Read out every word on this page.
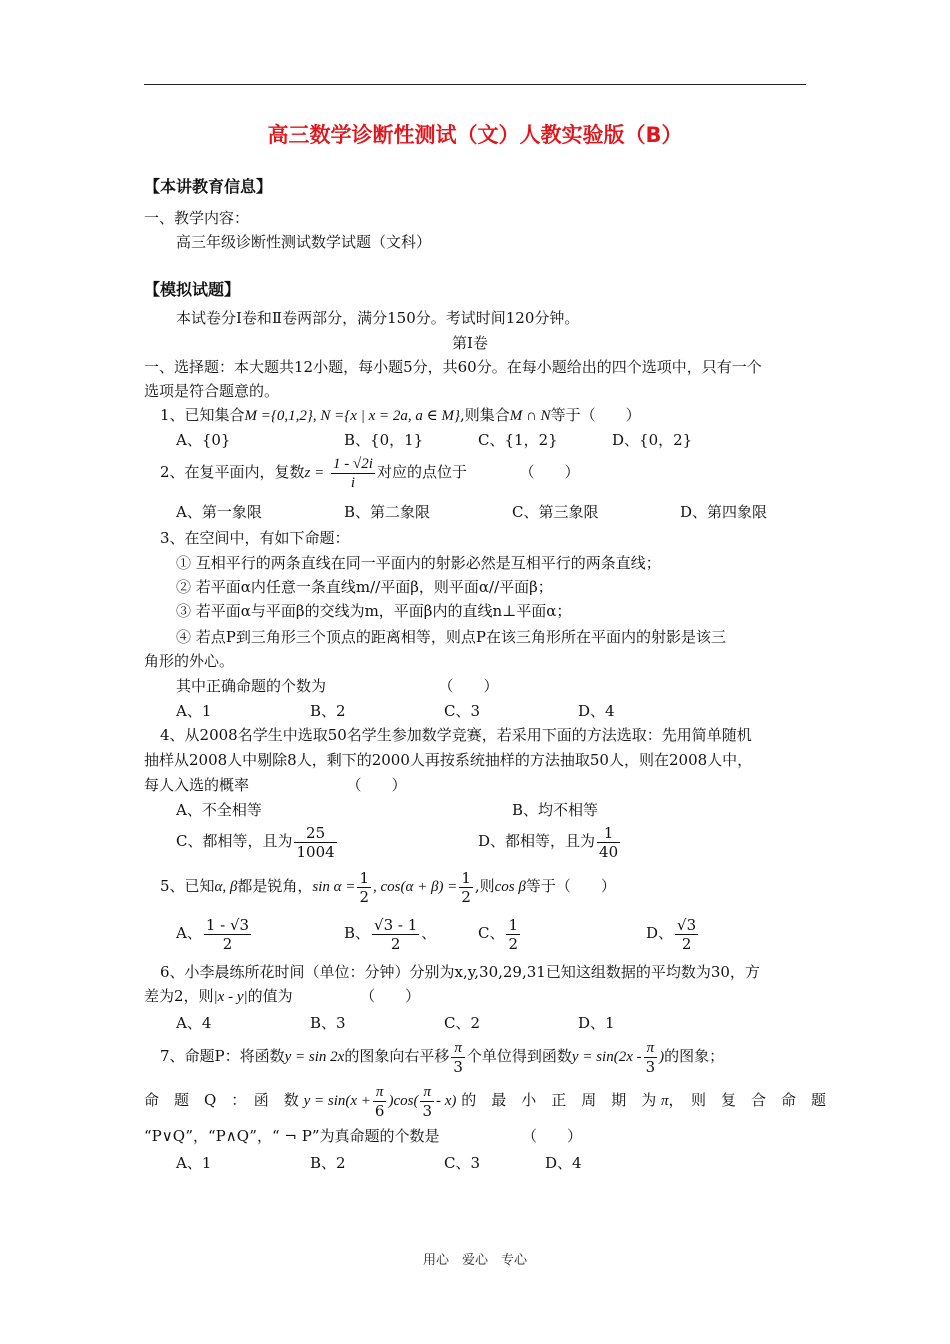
高三数学诊断性测试（文）人教实验版（B）
【本讲教育信息】
一、教学内容：
高三年级诊断性测试数学试题（文科）
【模拟试题】
本试卷分Ⅰ卷和Ⅱ卷两部分，满分150分。考试时间120分钟。
第Ⅰ卷
一、选择题：本大题共12小题，每小题5分，共60分。在每小题给出的四个选项中，只有一个
选项是符合题意的。
1、已知集合M ={0,1,2}, N ={x | x = 2a, a ∈ M},则集合M ∩ N等于（　　）
A、{0}	B、{0，1}	C、{1，2}	D、{0，2}
2、在复平面内，复数$z = \frac{1 - √2i}{i}$ 对应的点位于　　　　（　　）
A、第一象限	B、第二象限	C、第三象限	D、第四象限
3、在空间中，有如下命题：
① 互相平行的两条直线在同一平面内的射影必然是互相平行的两条直线；
② 若平面α内任意一条直线m//平面β，则平面α//平面β；
③ 若平面α与平面β的交线为m，平面β内的直线n⊥平面α；
④ 若点P到三角形三个顶点的距离相等，则点P在该三角形所在平面内的射影是该三
角形的外心。
其中正确命题的个数为　　　　　　　　（　　）
A、1	B、2	C、3	D、4
4、从2008名学生中选取50名学生参加数学竞赛，若采用下面的方法选取：先用简单随机
抽样从2008人中剔除8人，剩下的2000人再按系统抽样的方法抽取50人，则在2008人中，
每人入选的概率　　　　　　　（　　）
A、不全相等	B、均不相等
C、都相等，且为 $\frac{25}{1004}$	D、都相等，且为 $\frac{1}{40}$
5、已知α, β都是锐角，$\sin \alpha = \frac{1}{2}$ , $\cos(\alpha + \beta) = \frac{1}{2}$ ,则cos β等于（　　）
A、 $\frac{1 - √3}{2}$	B、 $\frac{√3 - 1}{2}$ 、	C、 $\frac{1}{2}$	D、 $\frac{√3}{2}$
6、小李晨练所花时间（单位：分钟）分别为x,y,30,29,31已知这组数据的平均数为30，方
差为2，则|x - y|的值为　　　　　（　　）
A、4	B、3	C、2	D、1
7、命题P：将函数y = sin 2x的图象向右平移 $\frac{\pi}{3}$ 个单位得到函数$y = \sin(2x - \frac{\pi}{3}$ )的图象；
命　题　Q　：　函　数 $y = \sin(x + \frac{\pi}{6} )\cos( \frac{\pi}{3} - x)$ 的　最　小　正　周　期　为 π，　则　复　合　命　题
“P∨Q”，“P∧Q”，“ ¬ P”为真命题的个数是　　　　　　（　　）
A、1	B、2	C、3	D、4
用心　爱心　专心
